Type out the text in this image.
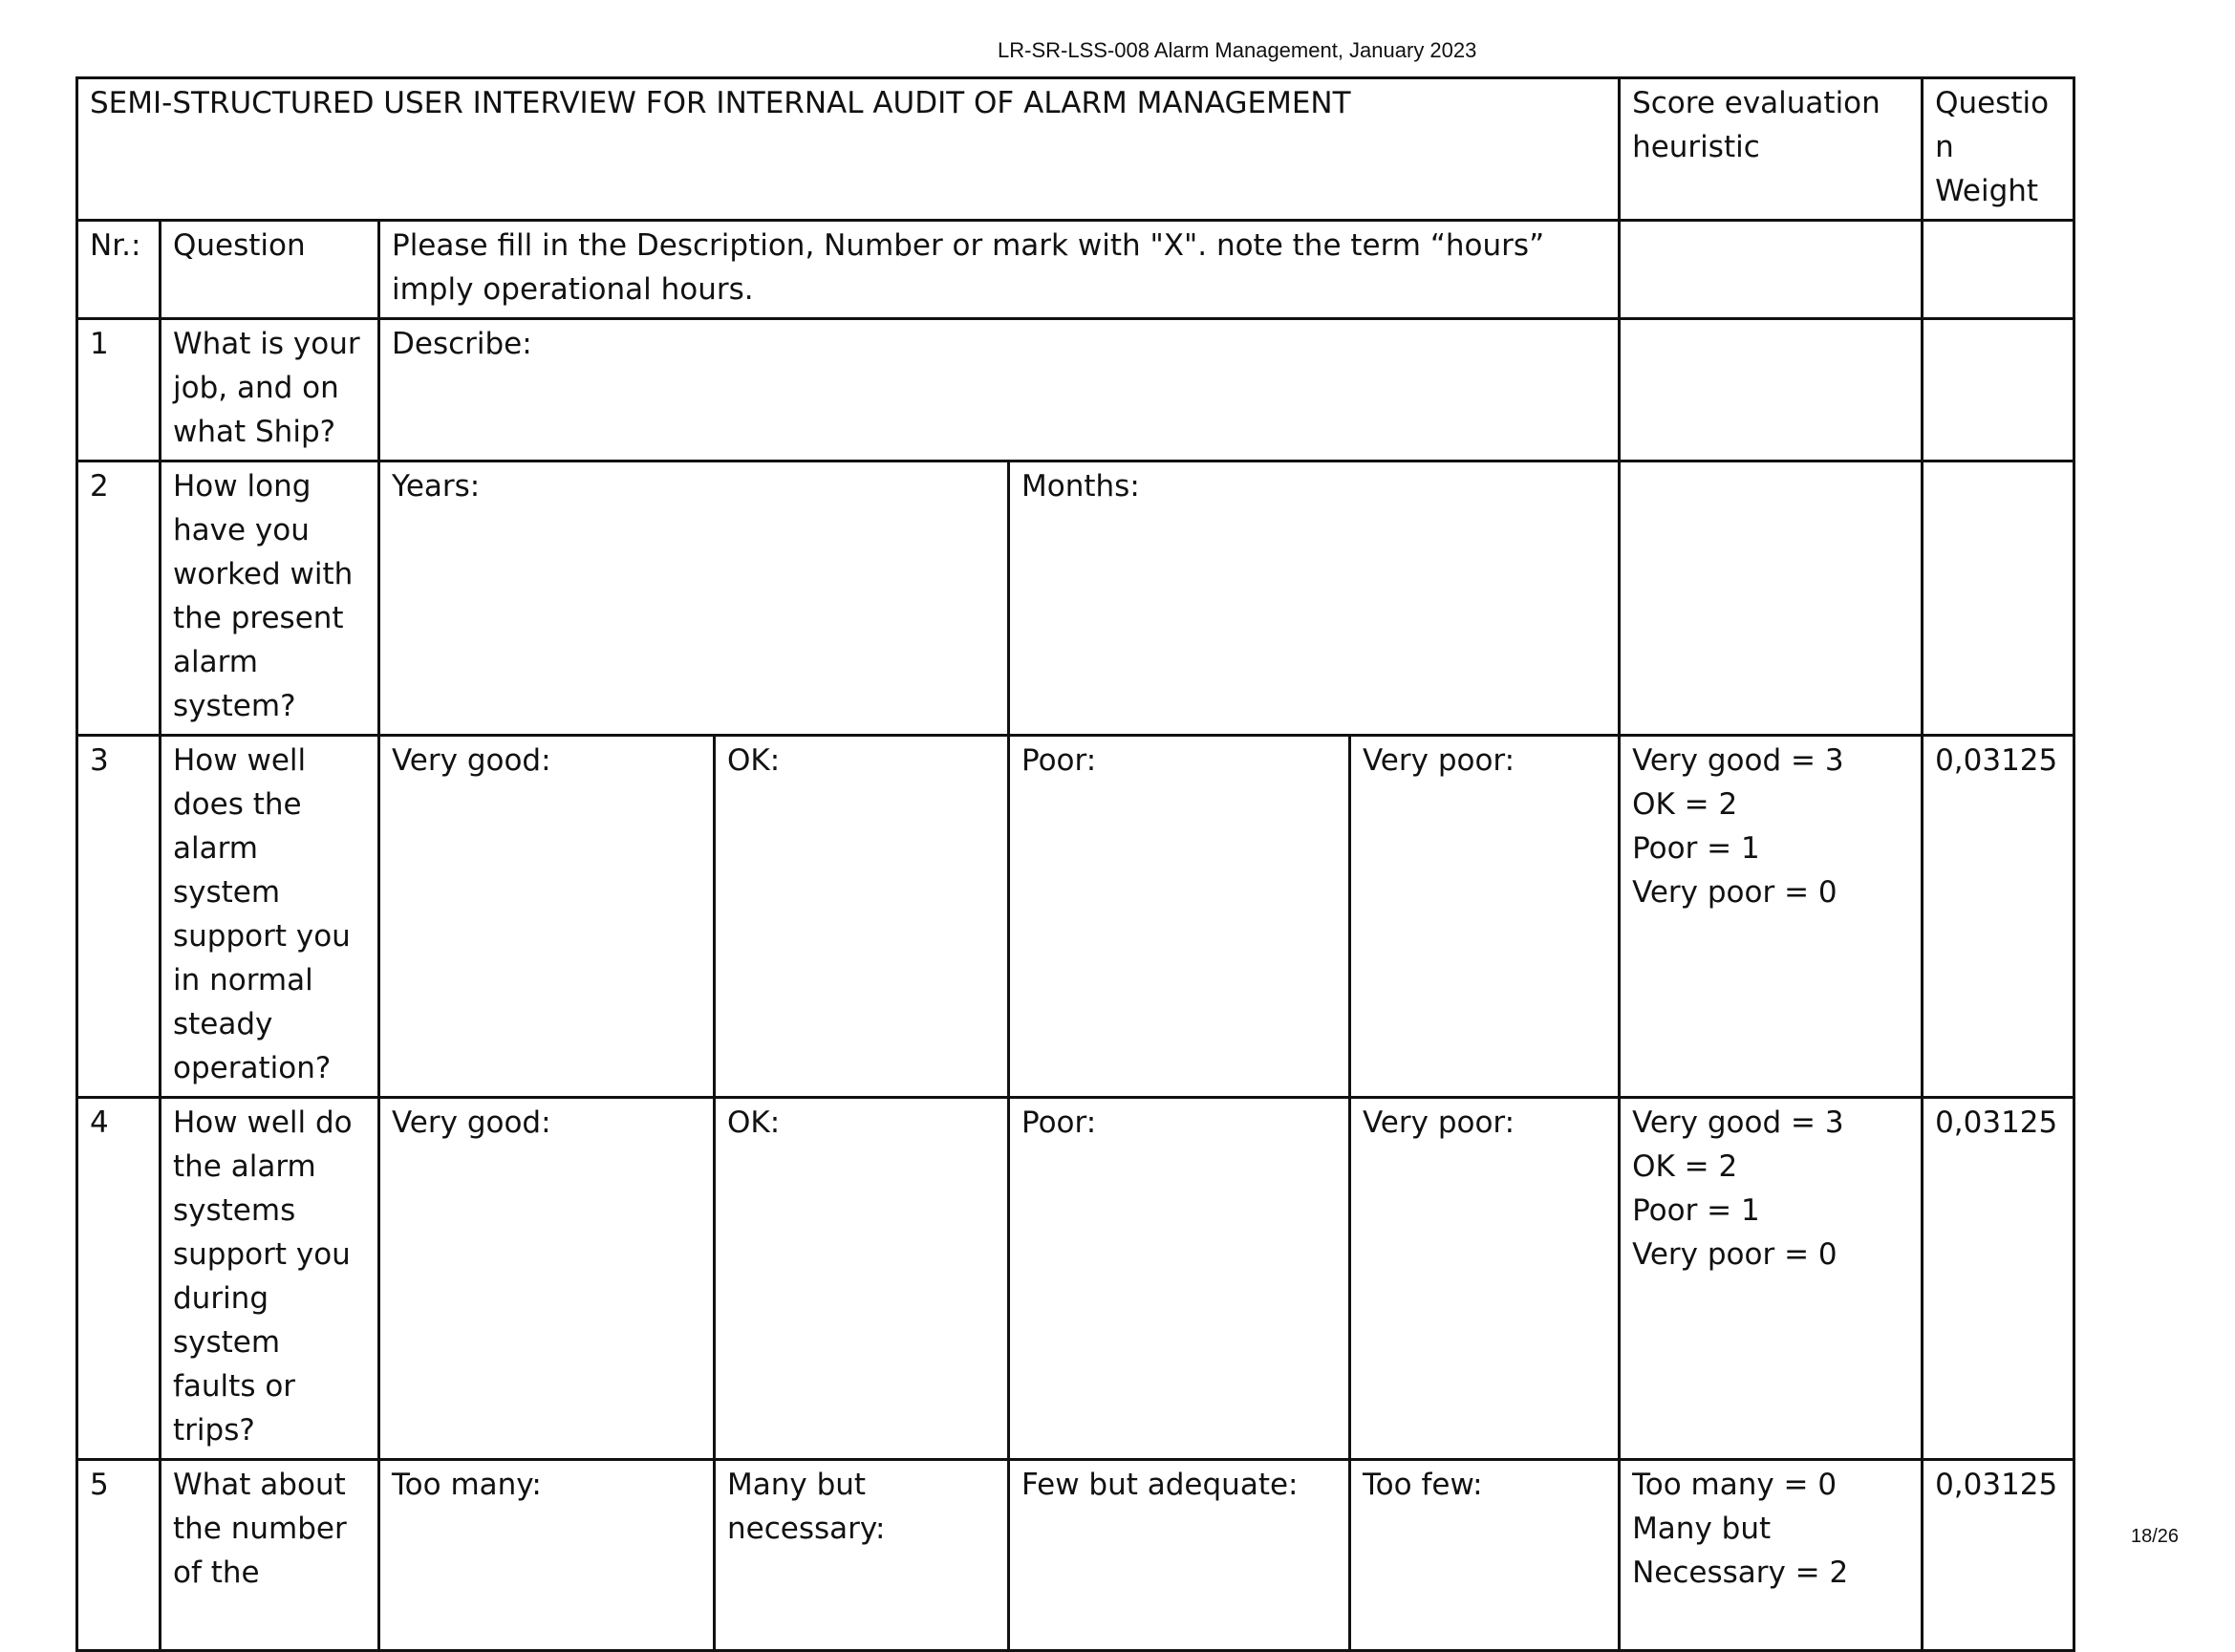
LR-SR-LSS-008 Alarm Management, January 2023
SEMI-STRUCTURED USER INTERVIEW FOR INTERNAL AUDIT OF ALARM MANAGEMENT						Score evaluation heuristic	Question Weight
Nr.:	Question	Please fill in the Description, Number or mark with "X". note the term “hours” imply operational hours.					
1	What is your job, and on what Ship?	Describe:					
2	How long have you worked with the present alarm system?	Years:		Months:			
3	How well does the alarm system support you in normal steady operation?	Very good:	OK:	Poor:	Very poor:	Very good = 3
OK = 2
Poor = 1
Very poor = 0	0,03125
4	How well do the alarm systems support you during system faults or trips?	Very good:	OK:	Poor:	Very poor:	Very good = 3
OK = 2
Poor = 1
Very poor = 0	0,03125
5	What about the number of the	Too many:	Many but necessary:	Few but adequate:	Too few:	Too many = 0
Many but
Necessary = 2	0,03125
18/26
